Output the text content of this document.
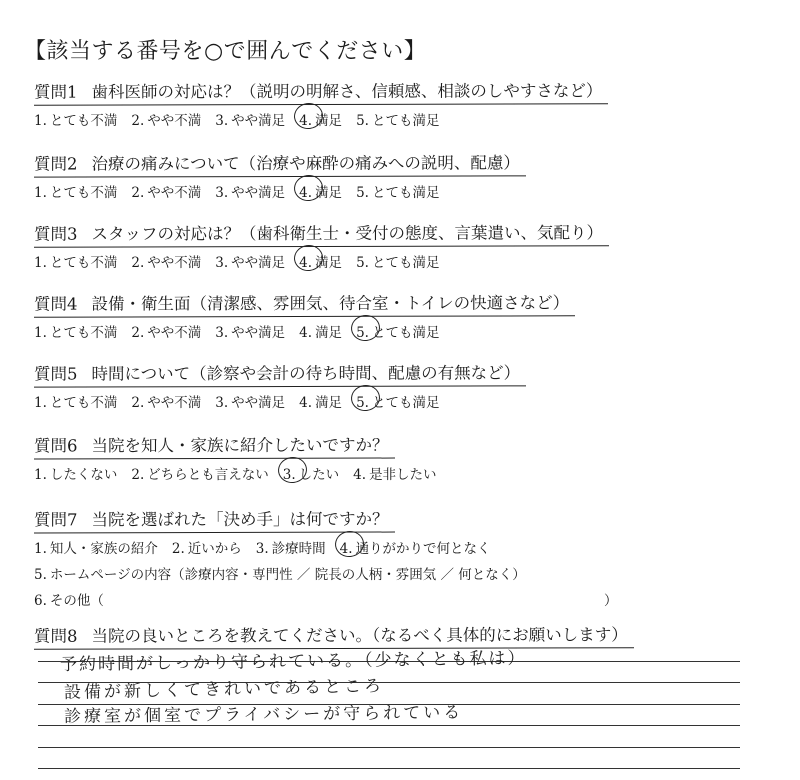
【該当する番号を○で囲んでください】
質問1 歯科医師の対応は？（説明の明解さ、信頼感、相談のしやすさなど）
1. とても不満 2. やや不満 3. やや満足 4. 満足 5. とても満足
質問2 治療の痛みについて（治療や麻酔の痛みへの説明、配慮）
1. とても不満 2. やや不満 3. やや満足 4. 満足 5. とても満足
質問3 スタッフの対応は？（歯科衛生士・受付の態度、言葉遣い、気配り）
1. とても不満 2. やや不満 3. やや満足 4. 満足 5. とても満足
質問4 設備・衛生面（清潔感、雰囲気、待合室・トイレの快適さなど）
1. とても不満 2. やや不満 3. やや満足 4. 満足 5. とても満足
質問5 時間について（診察や会計の待ち時間、配慮の有無など）
1. とても不満 2. やや不満 3. やや満足 4. 満足 5. とても満足
質問6 当院を知人・家族に紹介したいですか？
1. したくない 2. どちらとも言えない 3. したい 4. 是非したい
質問7 当院を選ばれた「決め手」は何ですか？
1. 知人・家族の紹介 2. 近いから 3. 診療時間 4. 通りがかりで何となく
5. ホームページの内容（診療内容・専門性 ／ 院長の人柄・雰囲気 ／ 何となく）
6. その他（	）
質問8 当院の良いところを教えてください。（なるべく具体的にお願いします）
予約時間がしっかり守られている。（少なくとも私は）
設備が新しくてきれいであるところ
診療室が個室でプライバシーが守られている
